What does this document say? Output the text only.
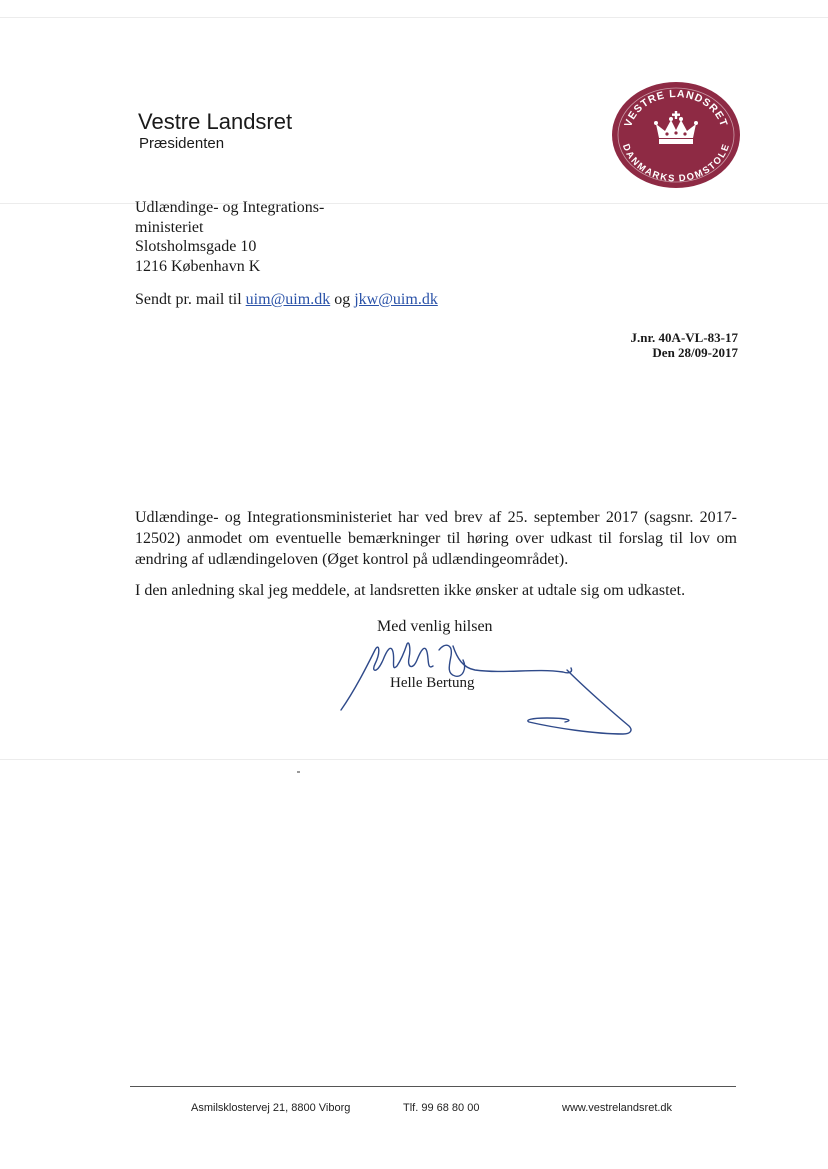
Vestre Landsret
Præsidenten
VESTRE LANDSRET
DANMARKS DOMSTOLE
Udlændinge- og Integrations-
ministeriet
Slotsholmsgade 10
1216 København K
Sendt pr. mail til uim@uim.dk og jkw@uim.dk
J.nr. 40A-VL-83-17
Den 28/09-2017

Udlændinge- og Integrationsministeriet har ved brev af 25. september 2017 (sagsnr. 2017-12502) anmodet om eventuelle bemærkninger til høring over udkast til forslag til lov om ændring af udlændingeloven (Øget kontrol på udlændingeområdet).

I den anledning skal jeg meddele, at landsretten ikke ønsker at udtale sig om udkastet.

Med venlig hilsen
Helle Bertung
Asmilsklostervej 21, 8800 Viborg	Tlf. 99 68 80 00	www.vestrelandsret.dk
